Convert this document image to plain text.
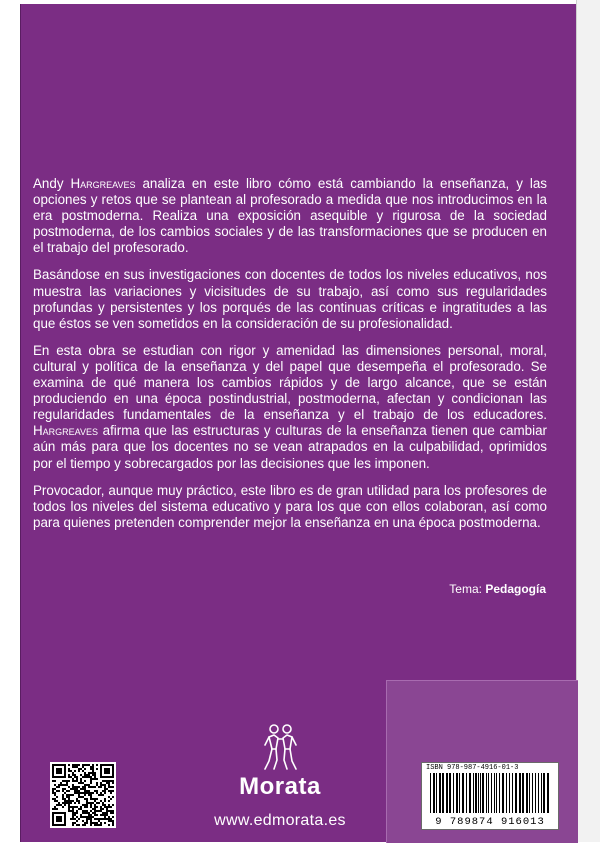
Andy Hargreaves analiza en este libro cómo está cambiando la enseñanza, y las opciones y retos que se plantean al profesorado a medida que nos introducimos en la era postmoderna. Realiza una exposición asequible y rigurosa de la sociedad postmoderna, de los cambios sociales y de las transformaciones que se producen en el trabajo del profesorado.

Basándose en sus investigaciones con docentes de todos los niveles educativos, nos muestra las variaciones y vicisitudes de su trabajo, así como sus regularidades profundas y persistentes y los porqués de las continuas críticas e ingratitudes a las que éstos se ven sometidos en la consideración de su profesionalidad.

En esta obra se estudian con rigor y amenidad las dimensiones personal, moral, cultural y política de la enseñanza y del papel que desempeña el profesorado. Se examina de qué manera los cambios rápidos y de largo alcance, que se están produciendo en una época postindustrial, postmoderna, afectan y condicionan las regularidades fundamentales de la enseñanza y el trabajo de los educadores. Hargreaves afirma que las estructuras y culturas de la enseñanza tienen que cambiar aún más para que los docentes no se vean atrapados en la culpabilidad, oprimidos por el tiempo y sobrecargados por las decisiones que les imponen.

Provocador, aunque muy práctico, este libro es de gran utilidad para los profesores de todos los niveles del sistema educativo y para los que con ellos colaboran, así como para quienes pretenden comprender mejor la enseñanza en una época postmoderna.

Tema: Pedagogía
Morata
www.edmorata.es
ISBN 978-987-4916-01-3
9 789874 916013
